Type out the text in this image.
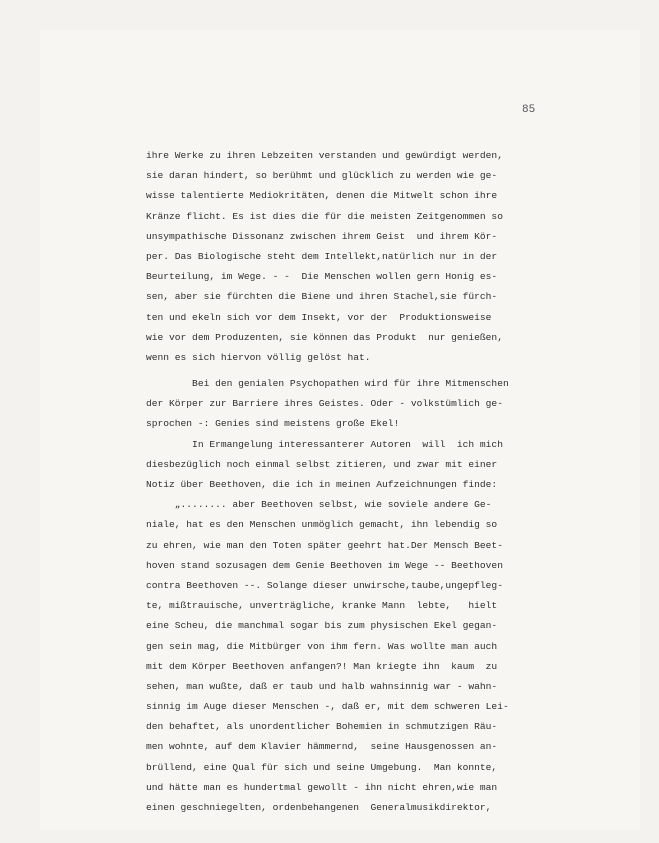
85
ihre Werke zu ihren Lebzeiten verstanden und gewürdigt werden,
sie daran hindert, so berühmt und glücklich zu werden wie ge-
wisse talentierte Mediokritäten, denen die Mitwelt schon ihre
Kränze flicht. Es ist dies die für die meisten Zeitgenommen so
unsympathische Dissonanz zwischen ihrem Geist  und ihrem Kör-
per. Das Biologische steht dem Intellekt,natürlich nur in der
Beurteilung, im Wege. - -  Die Menschen wollen gern Honig es-
sen, aber sie fürchten die Biene und ihren Stachel,sie fürch-
ten und ekeln sich vor dem Insekt, vor der  Produktionsweise
wie vor dem Produzenten, sie können das Produkt  nur genießen,
wenn es sich hiervon völlig gelöst hat.
Bei den genialen Psychopathen wird für ihre Mitmenschen
der Körper zur Barriere ihres Geistes. Oder - volkstümlich ge-
sprochen -: Genies sind meistens große Ekel!
In Ermangelung interessanterer Autoren  will  ich mich
diesbezüglich noch einmal selbst zitieren, und zwar mit einer
Notiz über Beethoven, die ich in meinen Aufzeichnungen finde:
„........ aber Beethoven selbst, wie soviele andere Ge-
niale, hat es den Menschen unmöglich gemacht, ihn lebendig so
zu ehren, wie man den Toten später geehrt hat.Der Mensch Beet-
hoven stand sozusagen dem Genie Beethoven im Wege -- Beethoven
contra Beethoven --. Solange dieser unwirsche,taube,ungepfleg-
te, mißtrauische, unverträgliche, kranke Mann  lebte,   hielt
eine Scheu, die manchmal sogar bis zum physischen Ekel gegan-
gen sein mag, die Mitbürger von ihm fern. Was wollte man auch
mit dem Körper Beethoven anfangen?! Man kriegte ihn  kaum  zu
sehen, man wußte, daß er taub und halb wahnsinnig war - wahn-
sinnig im Auge dieser Menschen -, daß er, mit dem schweren Lei-
den behaftet, als unordentlicher Bohemien in schmutzigen Räu-
men wohnte, auf dem Klavier hämmernd,  seine Hausgenossen an-
brüllend, eine Qual für sich und seine Umgebung.  Man konnte,
und hätte man es hundertmal gewollt - ihn nicht ehren,wie man
einen geschniegelten, ordenbehangenen  Generalmusikdirektor,
